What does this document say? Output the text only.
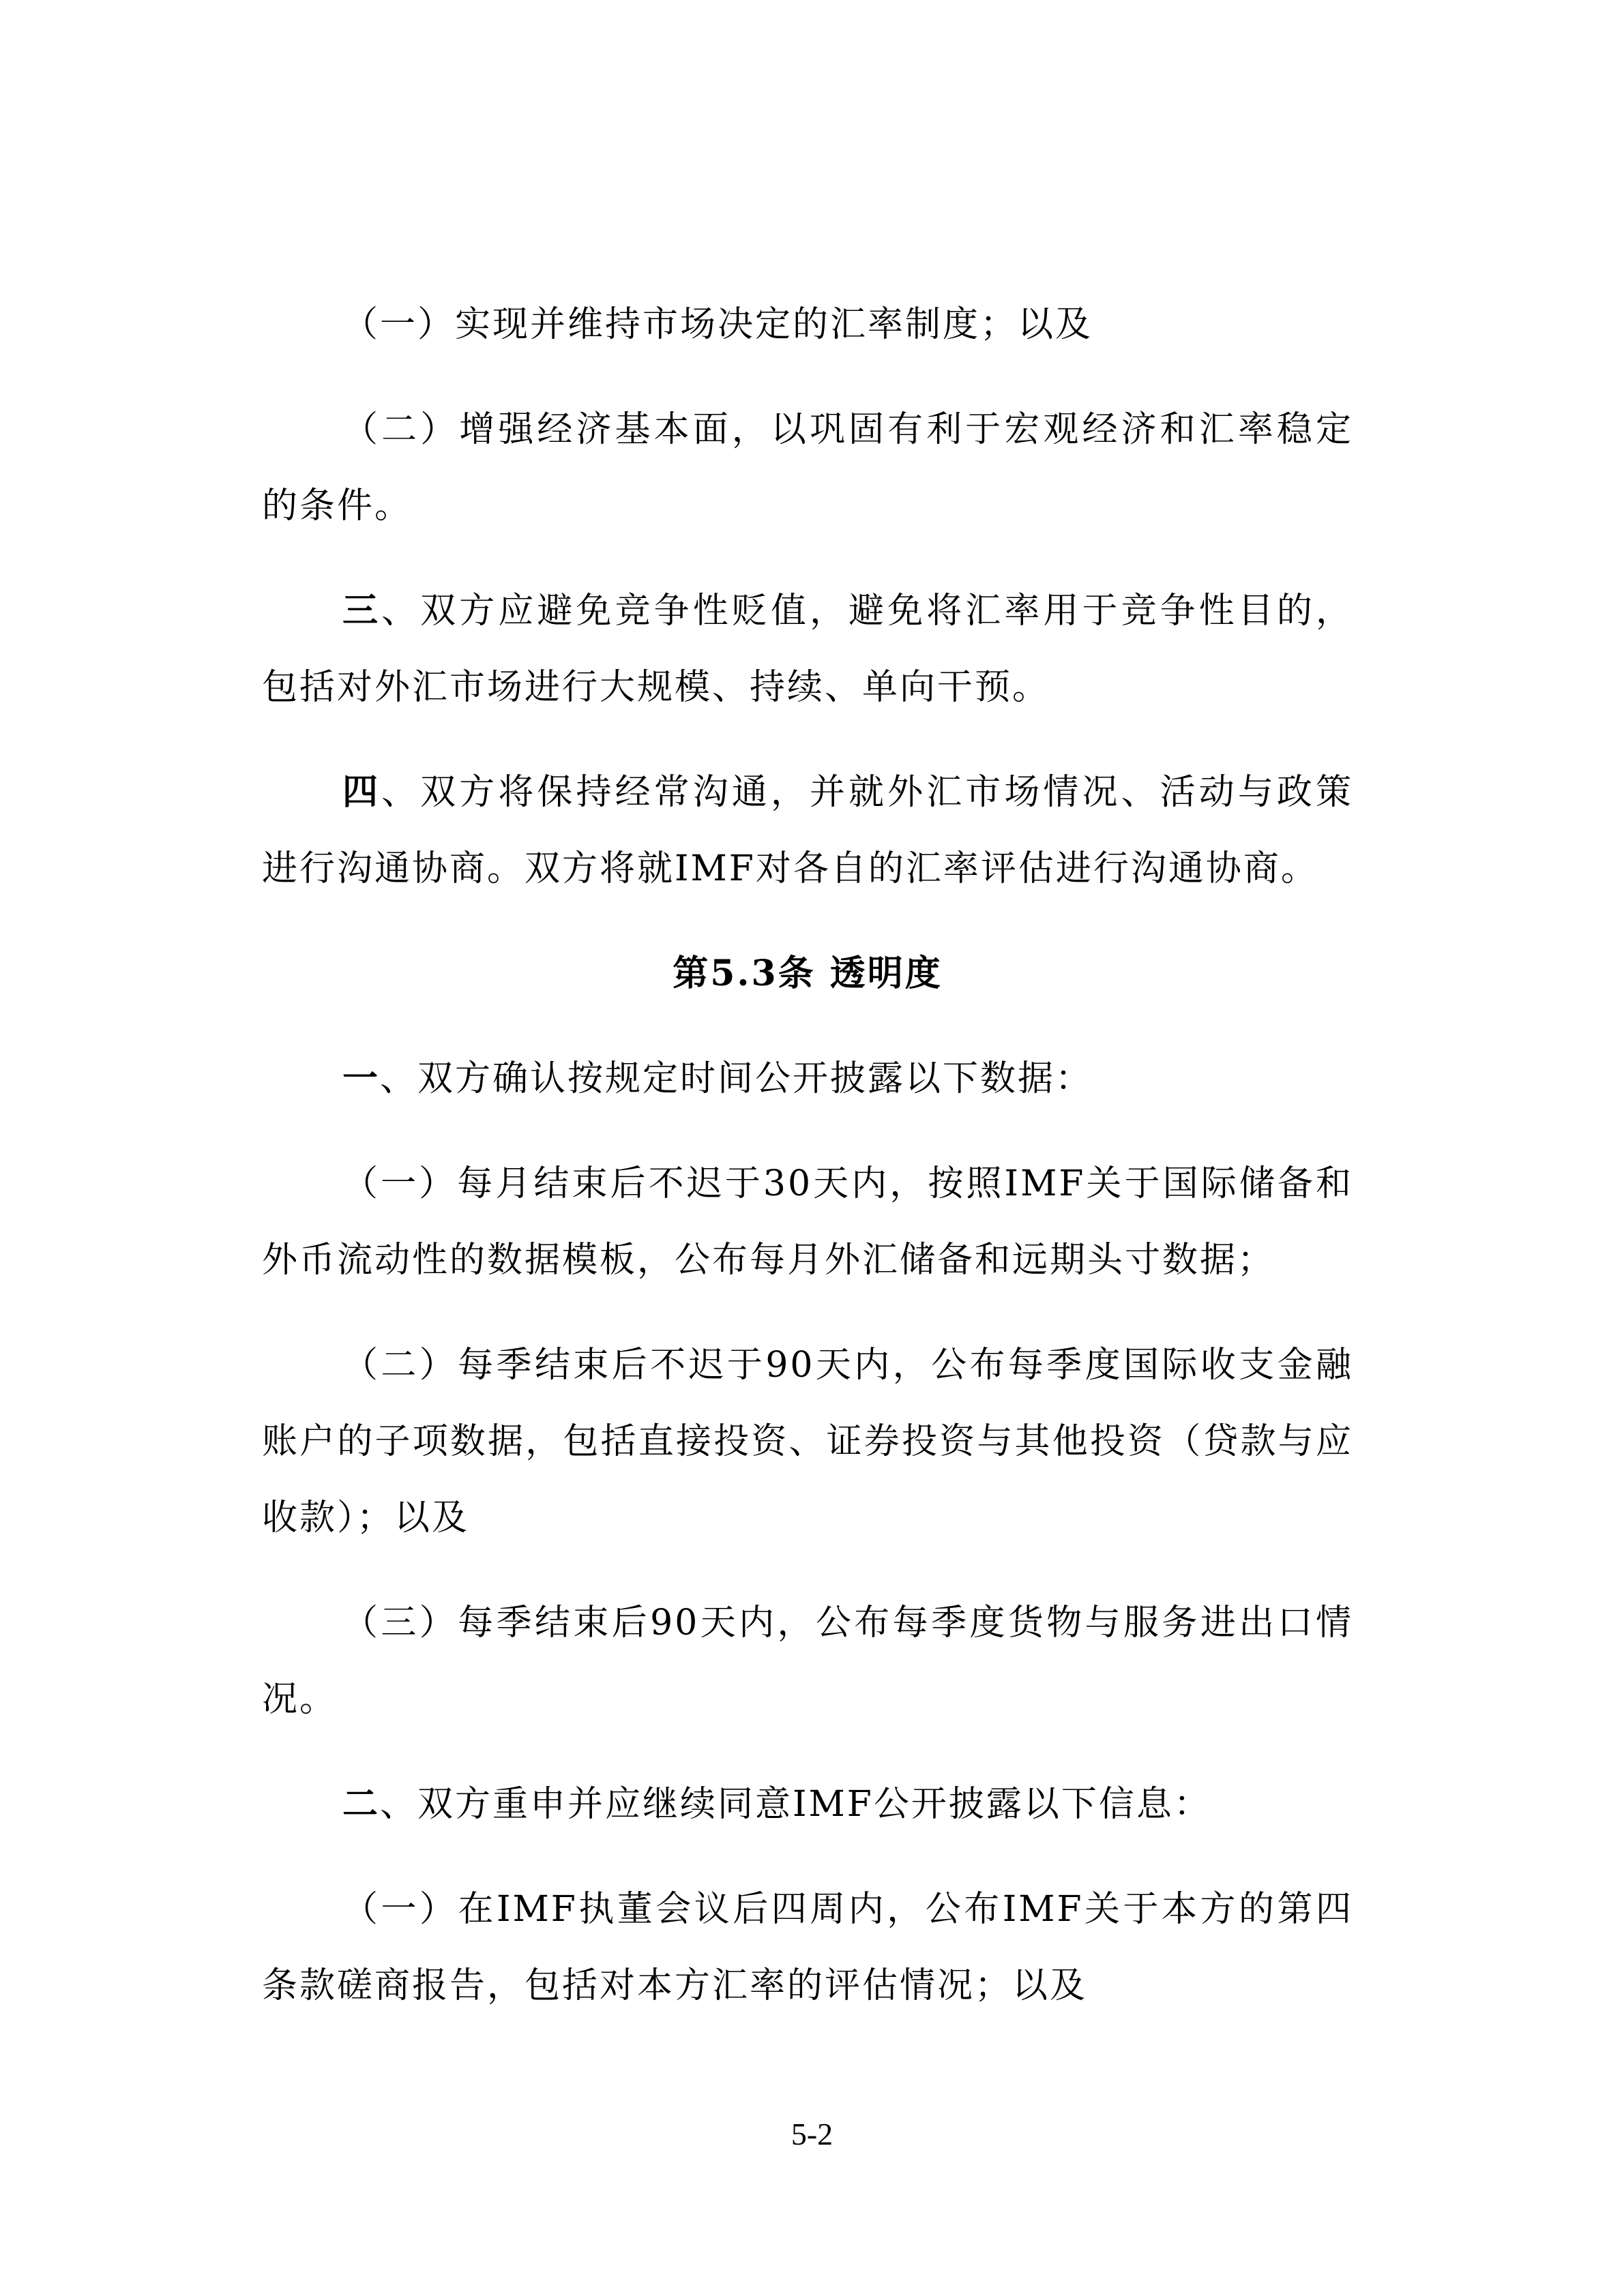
（一）实现并维持市场决定的汇率制度；以及

（二）增强经济基本面，以巩固有利于宏观经济和汇率稳定的条件。

三、双方应避免竞争性贬值，避免将汇率用于竞争性目的，包括对外汇市场进行大规模、持续、单向干预。

四、双方将保持经常沟通，并就外汇市场情况、活动与政策进行沟通协商。双方将就IMF对各自的汇率评估进行沟通协商。

第5.3条 透明度

一、双方确认按规定时间公开披露以下数据：

（一）每月结束后不迟于30天内，按照IMF关于国际储备和外币流动性的数据模板，公布每月外汇储备和远期头寸数据；

（二）每季结束后不迟于90天内，公布每季度国际收支金融账户的子项数据，包括直接投资、证券投资与其他投资（贷款与应收款）；以及

（三）每季结束后90天内，公布每季度货物与服务进出口情况。

二、双方重申并应继续同意IMF公开披露以下信息：

（一）在IMF执董会议后四周内，公布IMF关于本方的第四条款磋商报告，包括对本方汇率的评估情况；以及

5-2
